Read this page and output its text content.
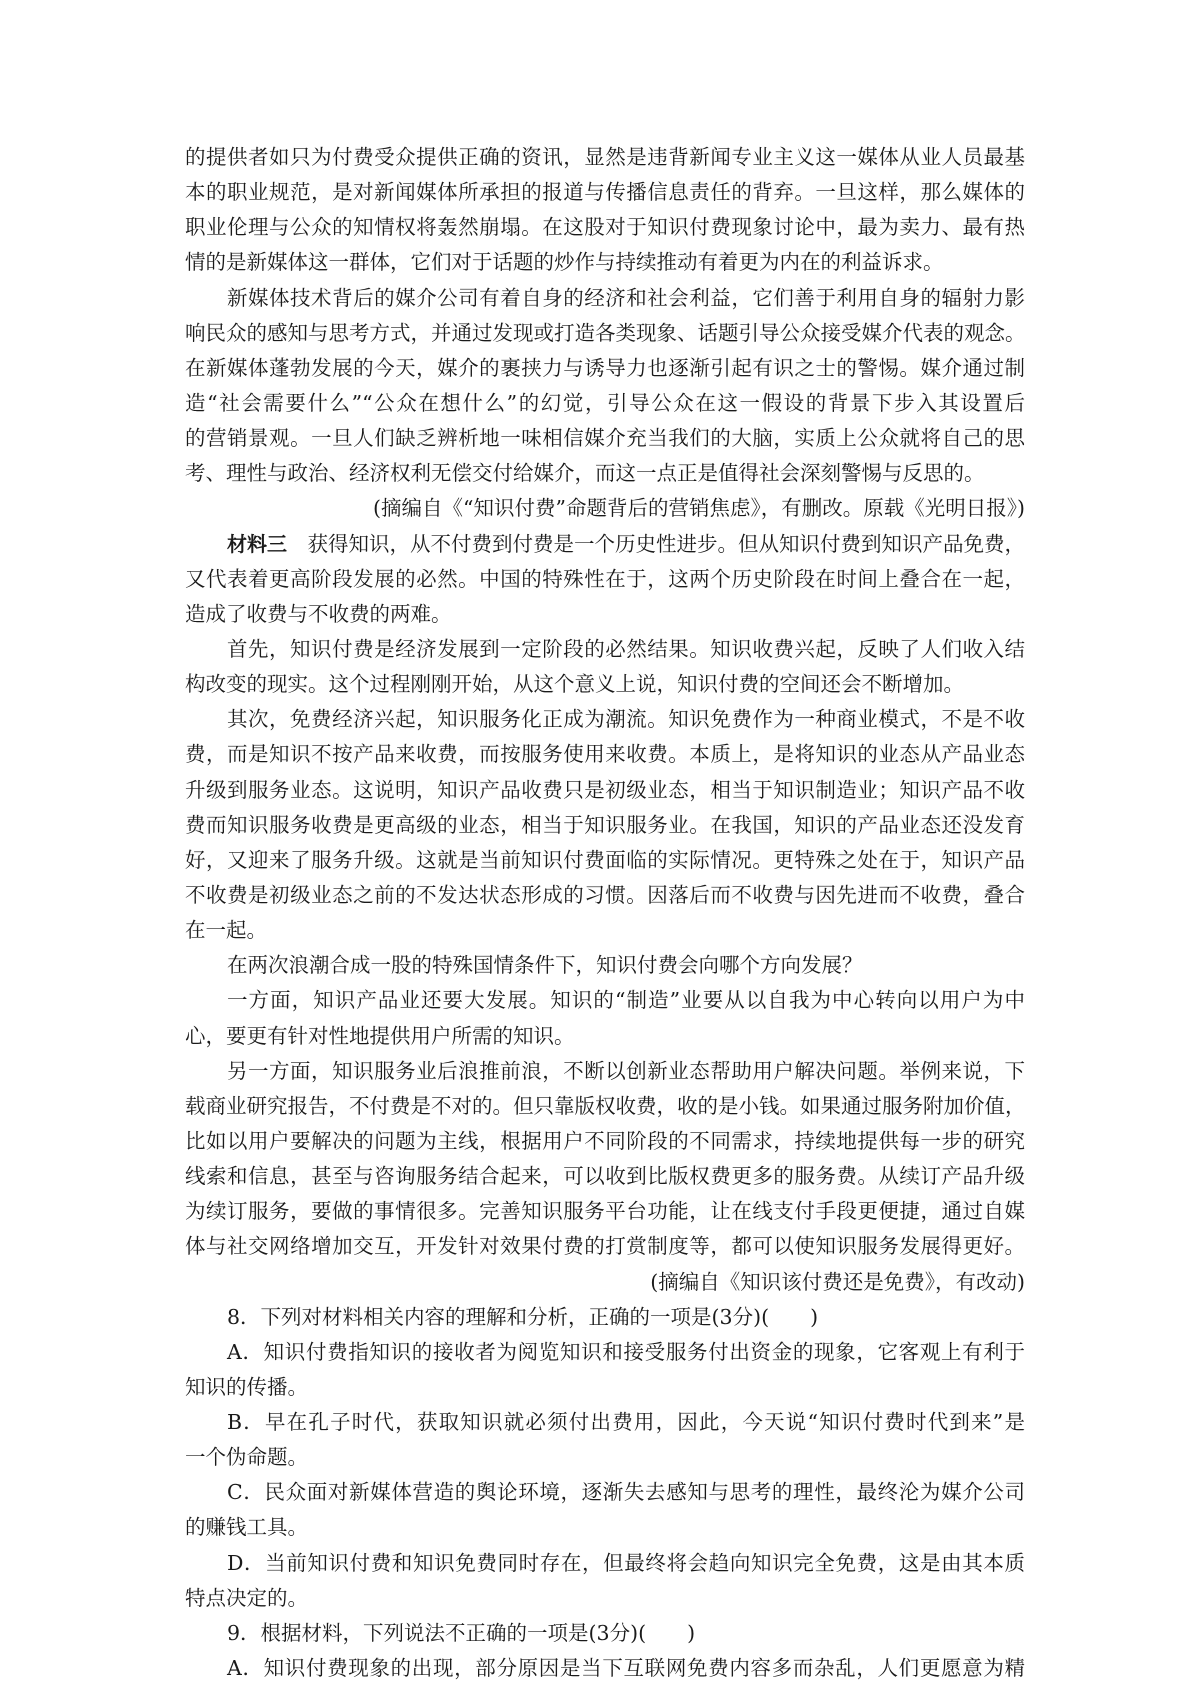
的提供者如只为付费受众提供正确的资讯，显然是违背新闻专业主义这一媒体从业人员最基
本的职业规范，是对新闻媒体所承担的报道与传播信息责任的背弃。一旦这样，那么媒体的
职业伦理与公众的知情权将轰然崩塌。在这股对于知识付费现象讨论中，最为卖力、最有热
情的是新媒体这一群体，它们对于话题的炒作与持续推动有着更为内在的利益诉求。
新媒体技术背后的媒介公司有着自身的经济和社会利益，它们善于利用自身的辐射力影
响民众的感知与思考方式，并通过发现或打造各类现象、话题引导公众接受媒介代表的观念。
在新媒体蓬勃发展的今天，媒介的裹挟力与诱导力也逐渐引起有识之士的警惕。媒介通过制
造“社会需要什么”“公众在想什么”的幻觉，引导公众在这一假设的背景下步入其设置后
的营销景观。一旦人们缺乏辨析地一味相信媒介充当我们的大脑，实质上公众就将自己的思
考、理性与政治、经济权利无偿交付给媒介，而这一点正是值得社会深刻警惕与反思的。
(摘编自《“知识付费”命题背后的营销焦虑》，有删改。原载《光明日报》)
材料三　 获得知识，从不付费到付费是一个历史性进步。但从知识付费到知识产品免费，
又代表着更高阶段发展的必然。中国的特殊性在于，这两个历史阶段在时间上叠合在一起，
造成了收费与不收费的两难。
首先，知识付费是经济发展到一定阶段的必然结果。知识收费兴起，反映了人们收入结
构改变的现实。这个过程刚刚开始，从这个意义上说，知识付费的空间还会不断增加。
其次，免费经济兴起，知识服务化正成为潮流。知识免费作为一种商业模式，不是不收
费，而是知识不按产品来收费，而按服务使用来收费。本质上，是将知识的业态从产品业态
升级到服务业态。这说明，知识产品收费只是初级业态，相当于知识制造业；知识产品不收
费而知识服务收费是更高级的业态，相当于知识服务业。在我国，知识的产品业态还没发育
好，又迎来了服务升级。这就是当前知识付费面临的实际情况。更特殊之处在于，知识产品
不收费是初级业态之前的不发达状态形成的习惯。因落后而不收费与因先进而不收费，叠合
在一起。
在两次浪潮合成一股的特殊国情条件下，知识付费会向哪个方向发展？
一方面，知识产品业还要大发展。知识的“制造”业要从以自我为中心转向以用户为中
心，要更有针对性地提供用户所需的知识。
另一方面，知识服务业后浪推前浪，不断以创新业态帮助用户解决问题。举例来说，下
载商业研究报告，不付费是不对的。但只靠版权收费，收的是小钱。如果通过服务附加价值，
比如以用户要解决的问题为主线，根据用户不同阶段的不同需求，持续地提供每一步的研究
线索和信息，甚至与咨询服务结合起来，可以收到比版权费更多的服务费。从续订产品升级
为续订服务，要做的事情很多。完善知识服务平台功能，让在线支付手段更便捷，通过自媒
体与社交网络增加交互，开发针对效果付费的打赏制度等，都可以使知识服务发展得更好。
(摘编自《知识该付费还是免费》，有改动)
8．下列对材料相关内容的理解和分析，正确的一项是(3分)(　　)
A．知识付费指知识的接收者为阅览知识和接受服务付出资金的现象，它客观上有利于
知识的传播。
B．早在孔子时代，获取知识就必须付出费用，因此，今天说“知识付费时代到来”是
一个伪命题。
C．民众面对新媒体营造的舆论环境，逐渐失去感知与思考的理性，最终沦为媒介公司
的赚钱工具。
D．当前知识付费和知识免费同时存在，但最终将会趋向知识完全免费，这是由其本质
特点决定的。
9．根据材料，下列说法不正确的一项是(3分)(　　)
A．知识付费现象的出现，部分原因是当下互联网免费内容多而杂乱，人们更愿意为精
